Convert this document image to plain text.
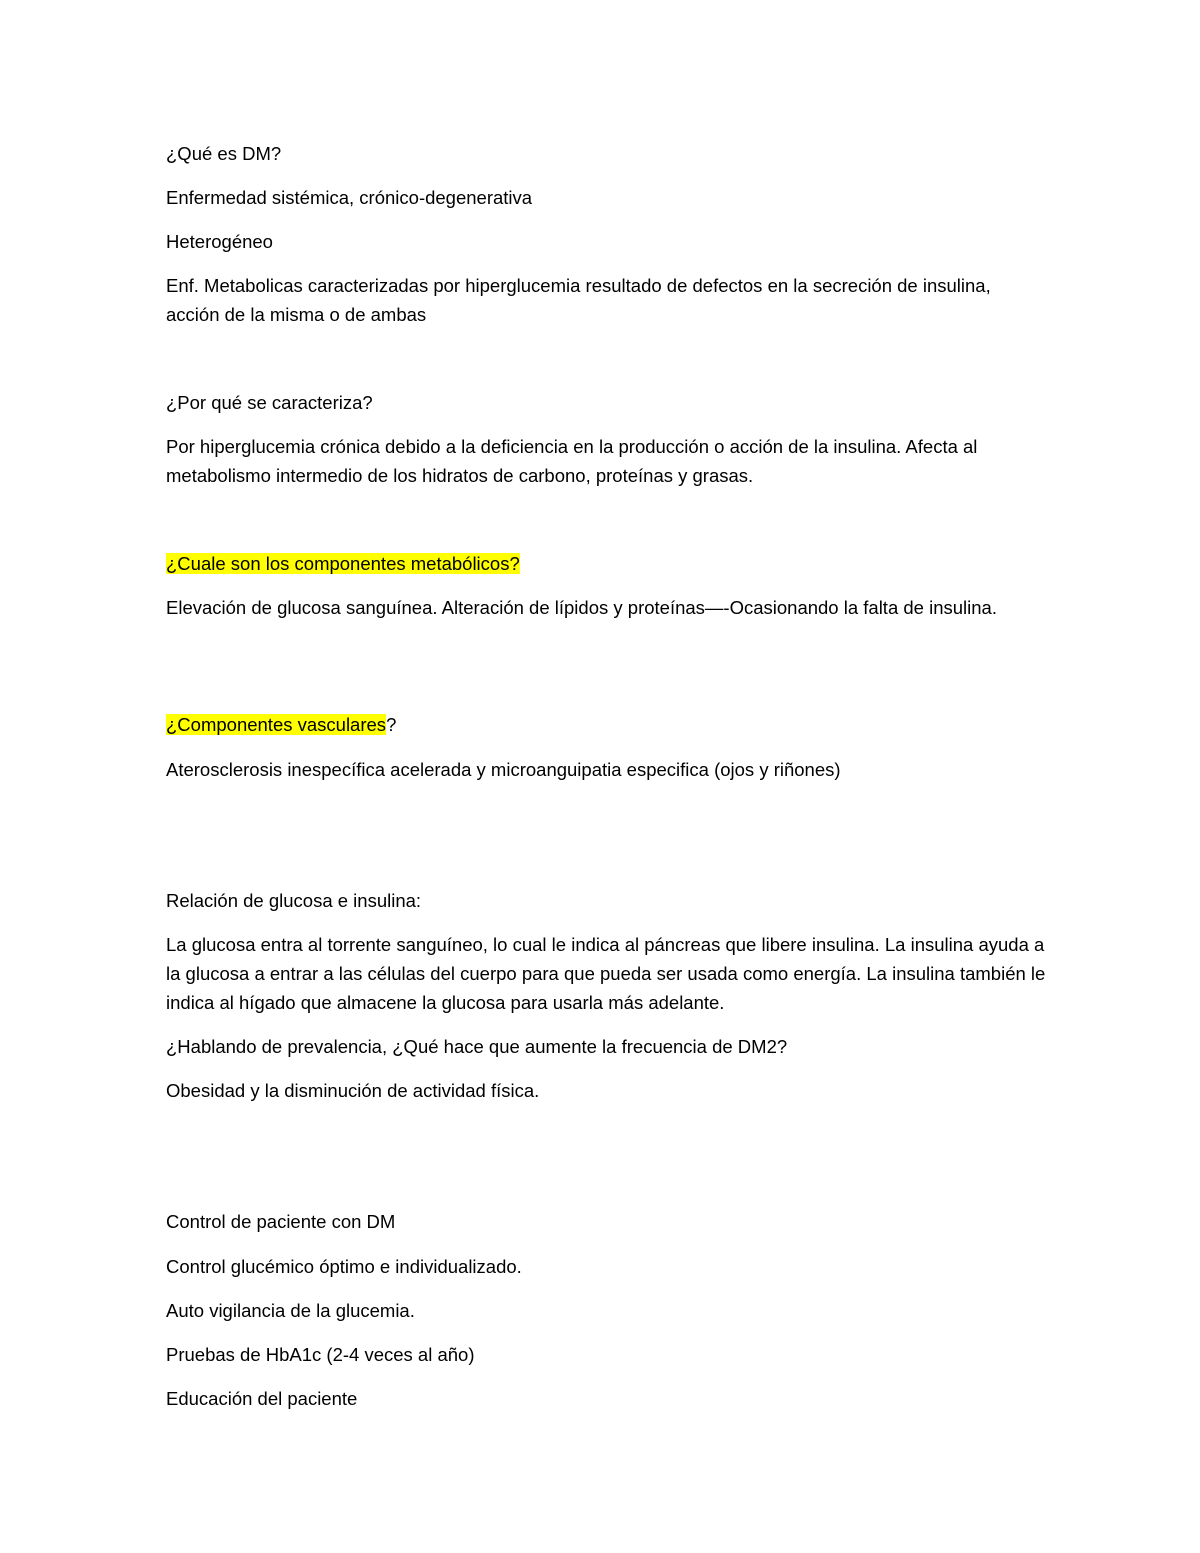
¿Qué es DM?

Enfermedad sistémica, crónico-degenerativa

Heterogéneo

Enf. Metabolicas caracterizadas por hiperglucemia resultado de defectos en la secreción de insulina, acción de la misma o de ambas

¿Por qué se caracteriza?

Por hiperglucemia crónica debido a la deficiencia en la producción o acción de la insulina. Afecta al metabolismo intermedio de los hidratos de carbono, proteínas y grasas.

¿Cuale son los componentes metabólicos?

Elevación de glucosa sanguínea. Alteración de lípidos y proteínas—-Ocasionando la falta de insulina.

¿Componentes vasculares?

Aterosclerosis inespecífica acelerada y microanguipatia especifica (ojos y riñones)

Relación de glucosa e insulina:

La glucosa entra al torrente sanguíneo, lo cual le indica al páncreas que libere insulina. La insulina ayuda a la glucosa a entrar a las células del cuerpo para que pueda ser usada como energía. La insulina también le indica al hígado que almacene la glucosa para usarla más adelante.

¿Hablando de prevalencia, ¿Qué hace que aumente la frecuencia de DM2?

Obesidad y la disminución de actividad física.

Control de paciente con DM

Control glucémico óptimo e individualizado.

Auto vigilancia de la glucemia.

Pruebas de HbA1c (2-4 veces al año)

Educación del paciente
